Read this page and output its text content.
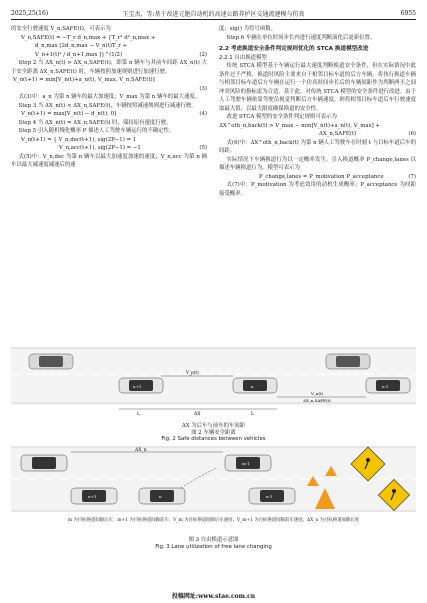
2025,25(16)	王宝杰，等:基于改进元胞自动机的高速公路养护区交通流建模与仿真	6955

的安全行驶速度 V_n,SAFE(t)，可表示为

V_n,SAFE(t) = −T_r d_n,max + {T_r² d²_n,max +
d_n,max [2d_n,max − V_n(t)T_r +
V_n+1(t)² / d_n+1,max ]}^(1/2)	(2)

Step 2 当 ΔX_n(t) > ΔX_n,SAFE(t)，即第 n 辆车与其前车间距 ΔX_n(t) 大于安全距离 ΔX_n,SAFE(t) 时，车辆按照加速规则进行加速行驶。

V_n(t+1) = min[V_n(t)+a_n(t), V_max, V_n,SAFE(t)]
(3)

式(3)中：a_n 为第 n 辆车的最大加速度；V_max 为第 n 辆车的最大速度。

Step 3 当 ΔX_n(t) < ΔX_n,SAFE(t)，车辆按照减速规则进行减速行驶。

V_n(t+1) = max[V_n(t) − d_n(t), 0]	(4)

Step 4 当 ΔX_n(t) = ΔX_n,SAFE(t) 时，保持原有速度行驶。

Step 5 引入随机慢化概率 P 描述人工驾驶车辆运行的不确定性。

V_n(t+1) = { V_n,dec(t+1), sig(2P−1) = 1
V_n,acc(t+1), sig(2P−1) = −1	(5)

式(5)中：V_n,dec 为第 n 辆车以最大加速度加速的速度；V_n,acc 为第 n 辆车以最大减速度减速后的速

度；sig() 为符号函数。

Step 6 车辆在单位时间步长内进行速度判断演化后更新位置。

2.2 考虑换道安全条件判定规则优化的 STCA 换道模型改进
2.2.1 自由换道模型

传统 STCA 模型基于车辆运行最大速度判断换道安全条件，但在实际情况中此条件过于严格，换道时风险主要来自于相邻目标车道的后方车辆，将执行换道车辆与相邻目标车道后方车辆在运行一个仿真时间步长后的车辆间距作为判断两不之间冲突风险的指标更为合适。基于此，对传统 STCA 模型的安全条件进行改进。由于人工驾驶车辆依靠驾驶员视觉判断后方车辆速度，则将相邻目标车道后车行驶速度取最大值，以最大限度确保换道的安全性。

改进 STCA 模型的安全条件判定规则可表示为

ΔX^oth_n,back(t) > V_max − min[V_n(t)+a_n(t), V_max] +
ΔX_n,SAFE(t)	(6)

式(6)中：ΔX^oth_n,back(t) 为第 n 辆人工驾驶车在时刻 t 与目标车道后车的间距。

实际情况下车辆换道行为以一定概率发生，引入换道概率 P_change,lanes 以描述车辆换道行为，模型可表示为

P_change,lanes = P_motivation P_acceptance	(7)

式(7)中：P_motivation 为考虑效用的动机生成概率；P_acceptance 为间距接受概率。

n+1	n	n-1
V_p(t)
V_n(t)
ΔX_n,SAFE(t)
L	ΔX	L
ΔX 为后车与前车的车间距
图 2 车辆安全距离
Fig. 2 Safe distances between vehicles
m-1
ΔX_n
n+1	n	n-1
m 为目标换道间隙后车；m+1 为目标换道间隙前车；V_m 为目标换道间隙后车速度；V_m+1 为目标换道间隙前车速度；ΔX_n 为目标换道间隙长度
图 3 自由换道示意图
Fig. 3 Lane utilization of free lane changing
投稿网址:www.stae.com.cn
